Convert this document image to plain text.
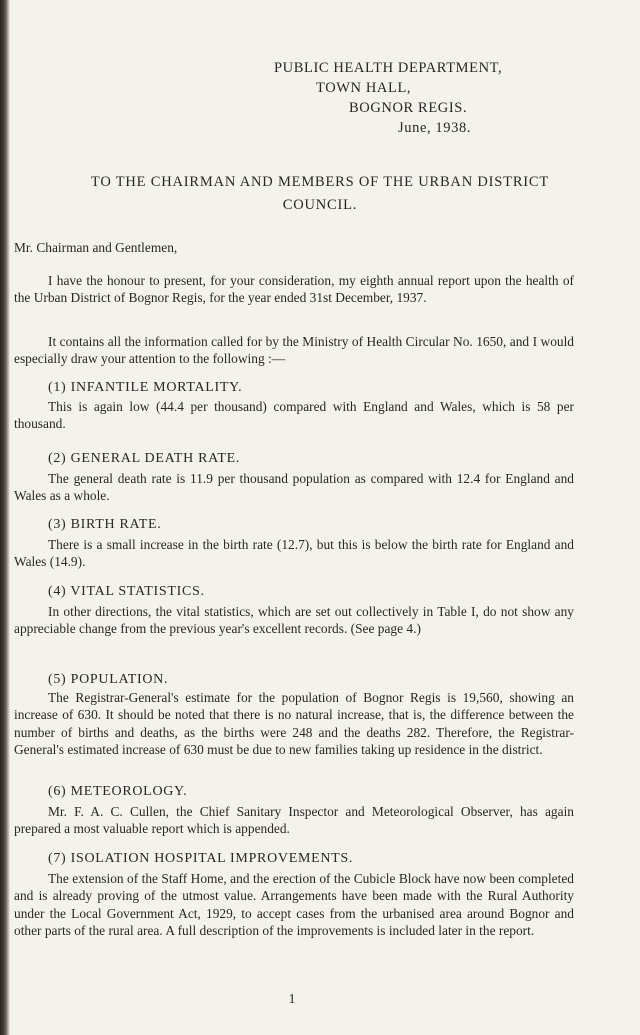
PUBLIC HEALTH DEPARTMENT,
TOWN HALL,
BOGNOR REGIS.
June, 1938.
TO THE CHAIRMAN AND MEMBERS OF THE URBAN DISTRICT
COUNCIL.
Mr. Chairman and Gentlemen,

I have the honour to present, for your consideration, my eighth annual report upon the health of the Urban District of Bognor Regis, for the year ended 31st December, 1937.

It contains all the information called for by the Ministry of Health Circular No. 1650, and I would especially draw your attention to the following :—

(1) INFANTILE MORTALITY.

This is again low (44.4 per thousand) compared with England and Wales, which is 58 per thousand.

(2) GENERAL DEATH RATE.

The general death rate is 11.9 per thousand population as compared with 12.4 for England and Wales as a whole.

(3) BIRTH RATE.

There is a small increase in the birth rate (12.7), but this is below the birth rate for England and Wales (14.9).

(4) VITAL STATISTICS.

In other directions, the vital statistics, which are set out collectively in Table I, do not show any appreciable change from the previous year's excellent records. (See page 4.)

(5) POPULATION.

The Registrar-General's estimate for the population of Bognor Regis is 19,560, showing an increase of 630. It should be noted that there is no natural increase, that is, the difference between the number of births and deaths, as the births were 248 and the deaths 282. Therefore, the Registrar-General's estimated increase of 630 must be due to new families taking up residence in the district.

(6) METEOROLOGY.

Mr. F. A. C. Cullen, the Chief Sanitary Inspector and Meteorological Observer, has again prepared a most valuable report which is appended.

(7) ISOLATION HOSPITAL IMPROVEMENTS.

The extension of the Staff Home, and the erection of the Cubicle Block have now been completed and is already proving of the utmost value. Arrangements have been made with the Rural Authority under the Local Government Act, 1929, to accept cases from the urbanised area around Bognor and other parts of the rural area. A full description of the improvements is included later in the report.

1
